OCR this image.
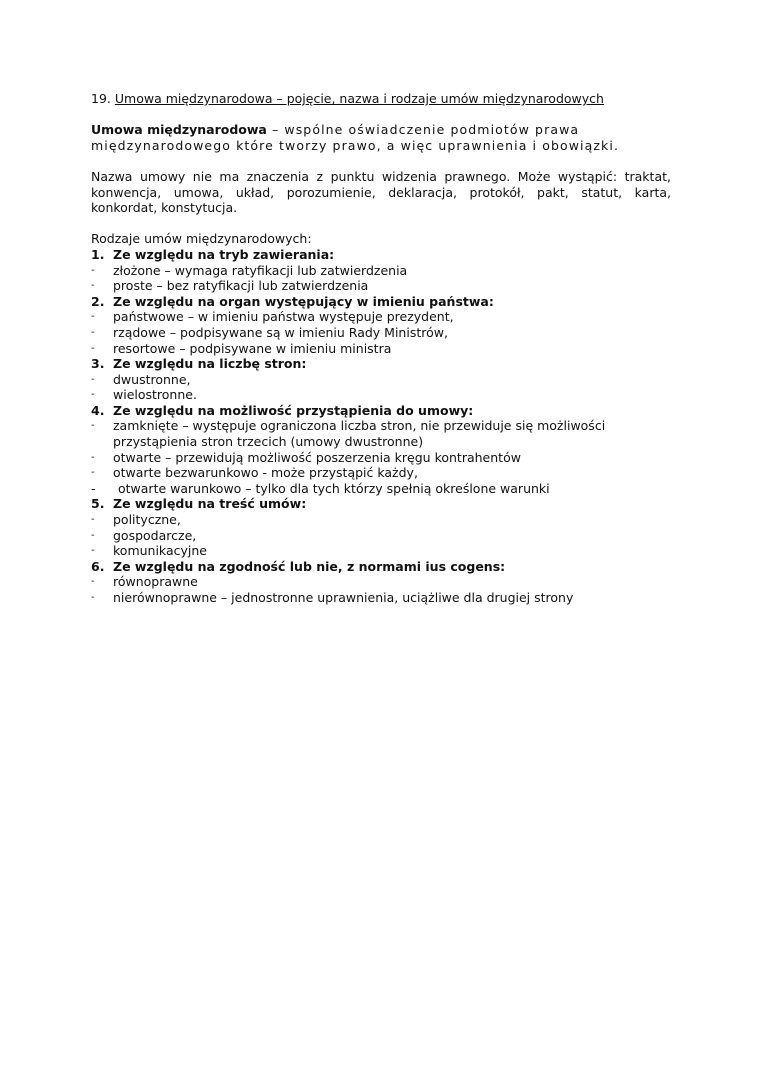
19. Umowa międzynarodowa – pojęcie, nazwa i rodzaje umów międzynarodowych

Umowa międzynarodowa – wspólne oświadczenie podmiotów prawa międzynarodowego które tworzy prawo, a więc uprawnienia i obowiązki.

Nazwa umowy nie ma znaczenia z punktu widzenia prawnego. Może wystąpić: traktat, konwencja, umowa, układ, porozumienie, deklaracja, protokół, pakt, statut, karta, konkordat, konstytucja.

Rodzaje umów międzynarodowych:

1. Ze względu na tryb zawierania:
- złożone – wymaga ratyfikacji lub zatwierdzenia
- proste – bez ratyfikacji lub zatwierdzenia
2. Ze względu na organ występujący w imieniu państwa:
- państwowe – w imieniu państwa występuje prezydent,
- rządowe – podpisywane są w imieniu Rady Ministrów,
- resortowe – podpisywane w imieniu ministra
3. Ze względu na liczbę stron:
- dwustronne,
- wielostronne.
4. Ze względu na możliwość przystąpienia do umowy:
- zamknięte – występuje ograniczona liczba stron, nie przewiduje się możliwości przystąpienia stron trzecich (umowy dwustronne)
- otwarte – przewidują możliwość poszerzenia kręgu kontrahentów
- otwarte bezwarunkowo - może przystąpić każdy,
- otwarte warunkowo – tylko dla tych którzy spełnią określone warunki
5. Ze względu na treść umów:
- polityczne,
- gospodarcze,
- komunikacyjne
6. Ze względu na zgodność lub nie, z normami ius cogens:
- równoprawne
- nierównoprawne – jednostronne uprawnienia, uciążliwe dla drugiej strony
